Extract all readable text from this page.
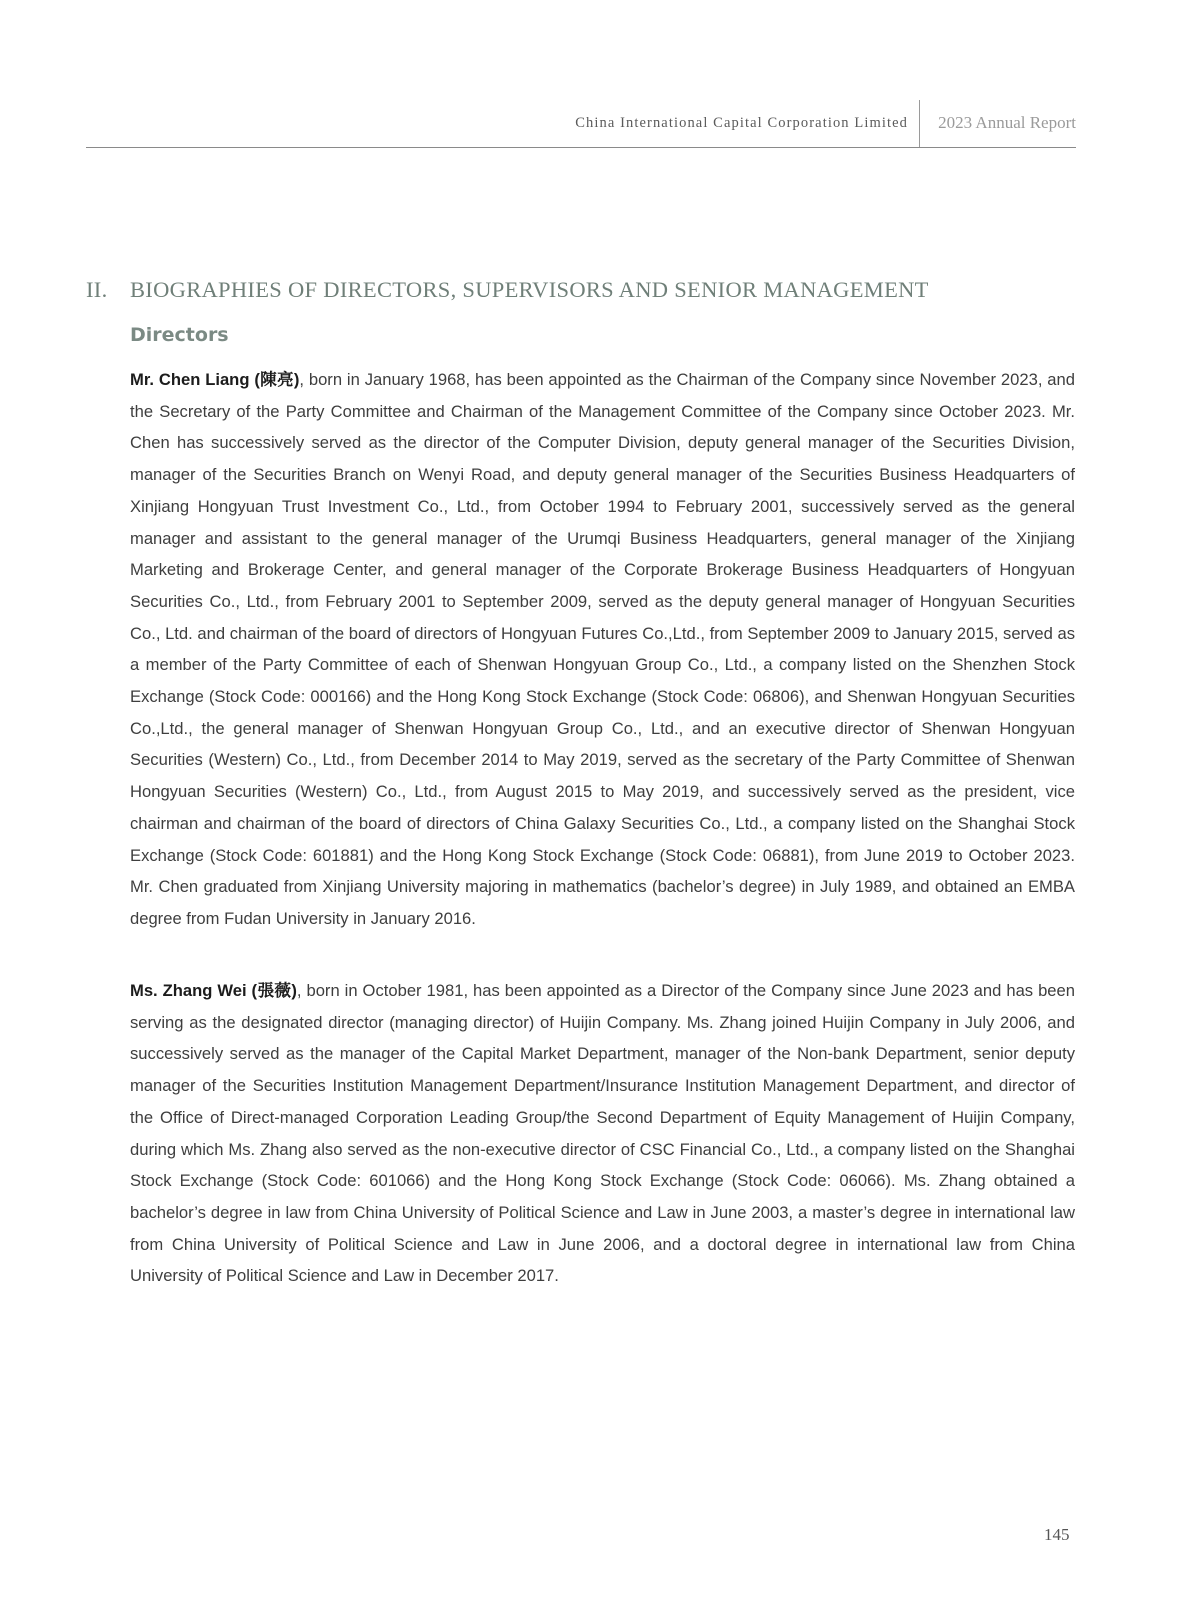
China International Capital Corporation Limited 2023 Annual Report
II. BIOGRAPHIES OF DIRECTORS, SUPERVISORS AND SENIOR MANAGEMENT
Directors

Mr. Chen Liang (陳亮), born in January 1968, has been appointed as the Chairman of the Company since November 2023, and the Secretary of the Party Committee and Chairman of the Management Committee of the Company since October 2023. Mr. Chen has successively served as the director of the Computer Division, deputy general manager of the Securities Division, manager of the Securities Branch on Wenyi Road, and deputy general manager of the Securities Business Headquarters of Xinjiang Hongyuan Trust Investment Co., Ltd., from October 1994 to February 2001, successively served as the general manager and assistant to the general manager of the Urumqi Business Headquarters, general manager of the Xinjiang Marketing and Brokerage Center, and general manager of the Corporate Brokerage Business Headquarters of Hongyuan Securities Co., Ltd., from February 2001 to September 2009, served as the deputy general manager of Hongyuan Securities Co., Ltd. and chairman of the board of directors of Hongyuan Futures Co.,Ltd., from September 2009 to January 2015, served as a member of the Party Committee of each of Shenwan Hongyuan Group Co., Ltd., a company listed on the Shenzhen Stock Exchange (Stock Code: 000166) and the Hong Kong Stock Exchange (Stock Code: 06806), and Shenwan Hongyuan Securities Co.,Ltd., the general manager of Shenwan Hongyuan Group Co., Ltd., and an executive director of Shenwan Hongyuan Securities (Western) Co., Ltd., from December 2014 to May 2019, served as the secretary of the Party Committee of Shenwan Hongyuan Securities (Western) Co., Ltd., from August 2015 to May 2019, and successively served as the president, vice chairman and chairman of the board of directors of China Galaxy Securities Co., Ltd., a company listed on the Shanghai Stock Exchange (Stock Code: 601881) and the Hong Kong Stock Exchange (Stock Code: 06881), from June 2019 to October 2023. Mr. Chen graduated from Xinjiang University majoring in mathematics (bachelor’s degree) in July 1989, and obtained an EMBA degree from Fudan University in January 2016.

Ms. Zhang Wei (張薇), born in October 1981, has been appointed as a Director of the Company since June 2023 and has been serving as the designated director (managing director) of Huijin Company. Ms. Zhang joined Huijin Company in July 2006, and successively served as the manager of the Capital Market Department, manager of the Non-bank Department, senior deputy manager of the Securities Institution Management Department/Insurance Institution Management Department, and director of the Office of Direct-managed Corporation Leading Group/the Second Department of Equity Management of Huijin Company, during which Ms. Zhang also served as the non-executive director of CSC Financial Co., Ltd., a company listed on the Shanghai Stock Exchange (Stock Code: 601066) and the Hong Kong Stock Exchange (Stock Code: 06066). Ms. Zhang obtained a bachelor’s degree in law from China University of Political Science and Law in June 2003, a master’s degree in international law from China University of Political Science and Law in June 2006, and a doctoral degree in international law from China University of Political Science and Law in December 2017.

145
